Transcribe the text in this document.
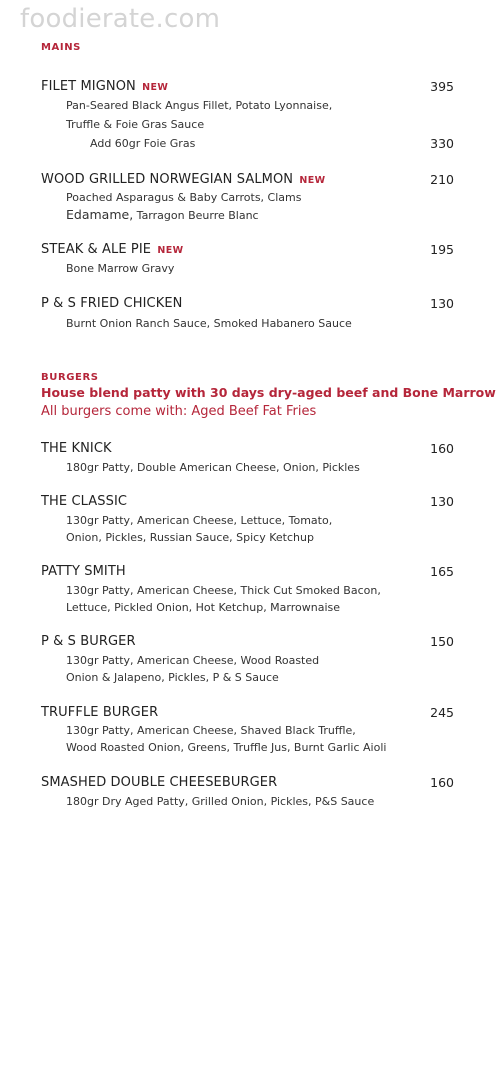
foodierate.com
MAINS
FILET MIGNON NEW	395
Pan-Seared Black Angus Fillet, Potato Lyonnaise,
Truffle & Foie Gras Sauce
Add 60gr Foie Gras	330
WOOD GRILLED NORWEGIAN SALMON NEW	210
Poached Asparagus & Baby Carrots, Clams
Edamame, Tarragon Beurre Blanc
STEAK & ALE PIE NEW	195
Bone Marrow Gravy
P & S FRIED CHICKEN	130
Burnt Onion Ranch Sauce, Smoked Habanero Sauce
BURGERS
House blend patty with 30 days dry-aged beef and Bone Marrow
All burgers come with: Aged Beef Fat Fries
THE KNICK	160
180gr Patty, Double American Cheese, Onion, Pickles
THE CLASSIC	130
130gr Patty, American Cheese, Lettuce, Tomato,
Onion, Pickles, Russian Sauce, Spicy Ketchup
PATTY SMITH	165
130gr Patty, American Cheese, Thick Cut Smoked Bacon,
Lettuce, Pickled Onion, Hot Ketchup, Marrownaise
P & S BURGER	150
130gr Patty, American Cheese, Wood Roasted
Onion & Jalapeno, Pickles, P & S Sauce
TRUFFLE BURGER	245
130gr Patty, American Cheese, Shaved Black Truffle,
Wood Roasted Onion, Greens, Truffle Jus, Burnt Garlic Aioli
SMASHED DOUBLE CHEESEBURGER	160
180gr Dry Aged Patty, Grilled Onion, Pickles, P&S Sauce
